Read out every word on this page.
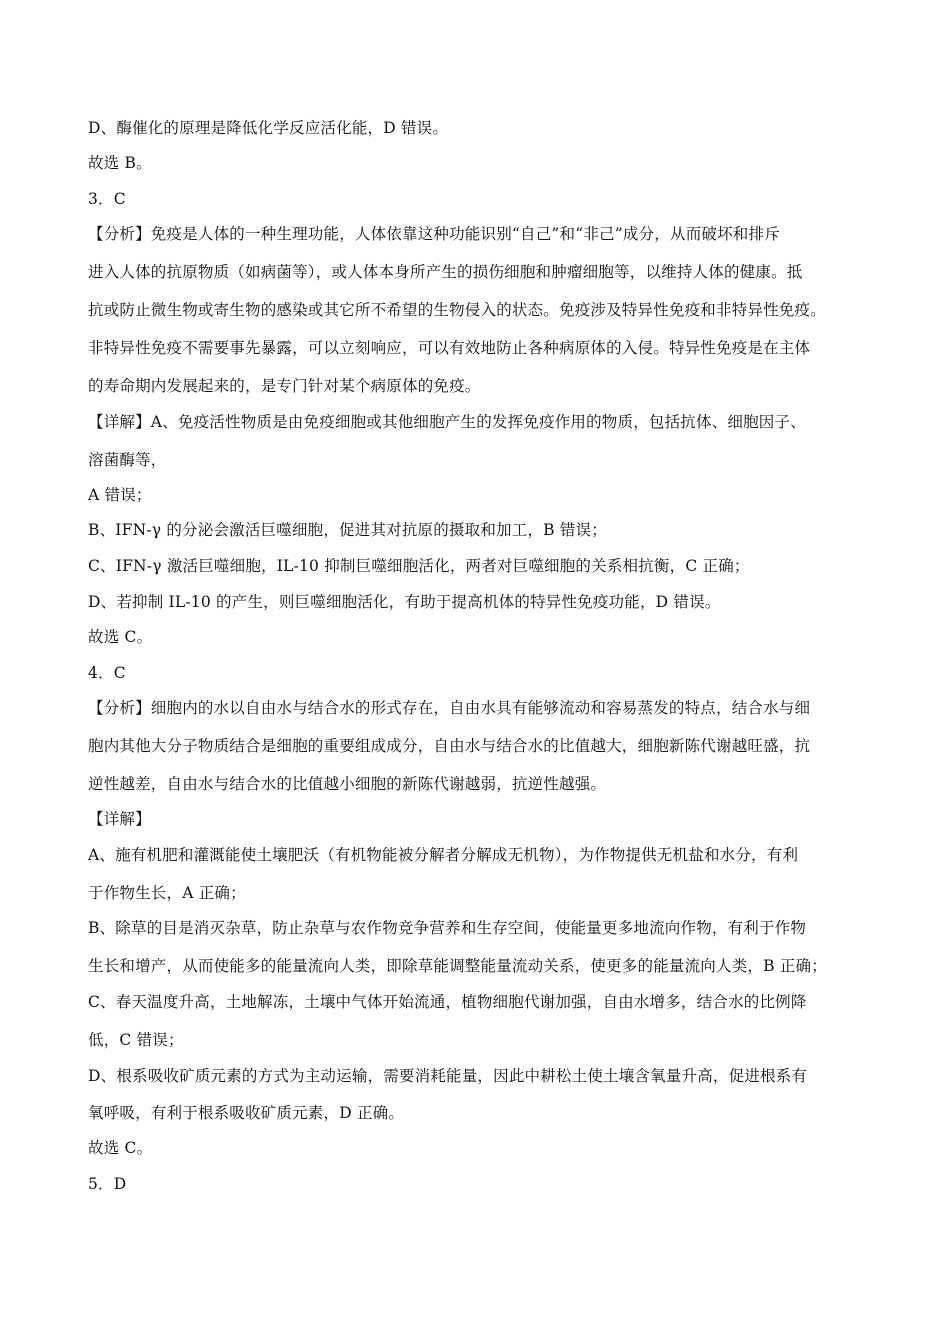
D、酶催化的原理是降低化学反应活化能，D 错误。
故选 B。
3．C
【分析】免疫是人体的一种生理功能，人体依靠这种功能识别“自己”和“非己”成分，从而破坏和排斥
进入人体的抗原物质（如病菌等），或人体本身所产生的损伤细胞和肿瘤细胞等，以维持人体的健康。抵
抗或防止微生物或寄生物的感染或其它所不希望的生物侵入的状态。免疫涉及特异性免疫和非特异性免疫。
非特异性免疫不需要事先暴露，可以立刻响应，可以有效地防止各种病原体的入侵。特异性免疫是在主体
的寿命期内发展起来的，是专门针对某个病原体的免疫。
【详解】A、免疫活性物质是由免疫细胞或其他细胞产生的发挥免疫作用的物质，包括抗体、细胞因子、
溶菌酶等，
A 错误；
B、IFN-γ 的分泌会激活巨噬细胞，促进其对抗原的摄取和加工，B 错误；
C、IFN-γ 激活巨噬细胞，IL-10 抑制巨噬细胞活化，两者对巨噬细胞的关系相抗衡，C 正确；
D、若抑制 IL-10 的产生，则巨噬细胞活化，有助于提高机体的特异性免疫功能，D 错误。
故选 C。
4．C
【分析】细胞内的水以自由水与结合水的形式存在，自由水具有能够流动和容易蒸发的特点，结合水与细
胞内其他大分子物质结合是细胞的重要组成成分，自由水与结合水的比值越大，细胞新陈代谢越旺盛，抗
逆性越差，自由水与结合水的比值越小细胞的新陈代谢越弱，抗逆性越强。
【详解】
A、施有机肥和灌溉能使土壤肥沃（有机物能被分解者分解成无机物），为作物提供无机盐和水分，有利
于作物生长，A 正确；
B、除草的目是消灭杂草，防止杂草与农作物竞争营养和生存空间，使能量更多地流向作物，有利于作物
生长和增产，从而使能多的能量流向人类，即除草能调整能量流动关系，使更多的能量流向人类，B 正确；
C、春天温度升高，土地解冻，土壤中气体开始流通，植物细胞代谢加强，自由水增多，结合水的比例降
低，C 错误；
D、根系吸收矿质元素的方式为主动运输，需要消耗能量，因此中耕松土使土壤含氧量升高，促进根系有
氧呼吸，有利于根系吸收矿质元素，D 正确。
故选 C。
5．D
